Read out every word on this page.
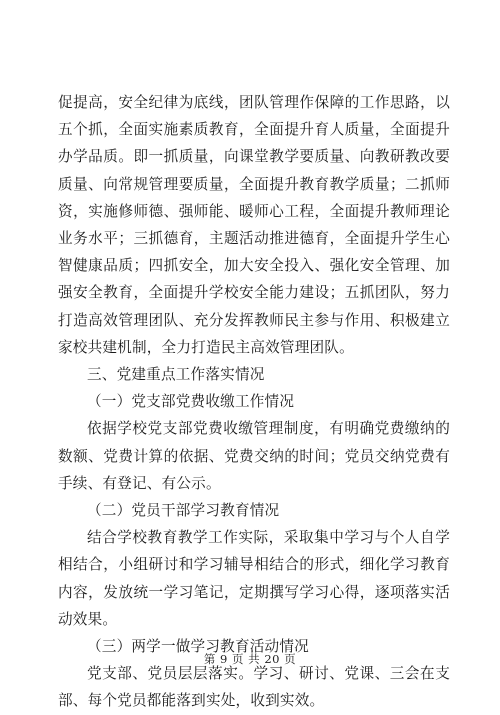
促提高，安全纪律为底线，团队管理作保障的工作思路，以五个抓，全面实施素质教育，全面提升育人质量，全面提升办学品质。即一抓质量，向课堂教学要质量、向教研教改要质量、向常规管理要质量，全面提升教育教学质量；二抓师资，实施修师德、强师能、暖师心工程，全面提升教师理论业务水平；三抓德育，主题活动推进德育，全面提升学生心智健康品质；四抓安全，加大安全投入、强化安全管理、加强安全教育，全面提升学校安全能力建设；五抓团队，努力打造高效管理团队、充分发挥教师民主参与作用、积极建立家校共建机制，全力打造民主高效管理团队。

三、党建重点工作落实情况

（一）党支部党费收缴工作情况

依据学校党支部党费收缴管理制度，有明确党费缴纳的数额、党费计算的依据、党费交纳的时间；党员交纳党费有手续、有登记、有公示。

（二）党员干部学习教育情况

结合学校教育教学工作实际，采取集中学习与个人自学相结合，小组研讨和学习辅导相结合的形式，细化学习教育内容，发放统一学习笔记，定期撰写学习心得，逐项落实活动效果。

（三）两学一做学习教育活动情况

党支部、党员层层落实。学习、研讨、党课、三会在支部、每个党员都能落到实处，收到实效。

第 9 页 共 20 页
